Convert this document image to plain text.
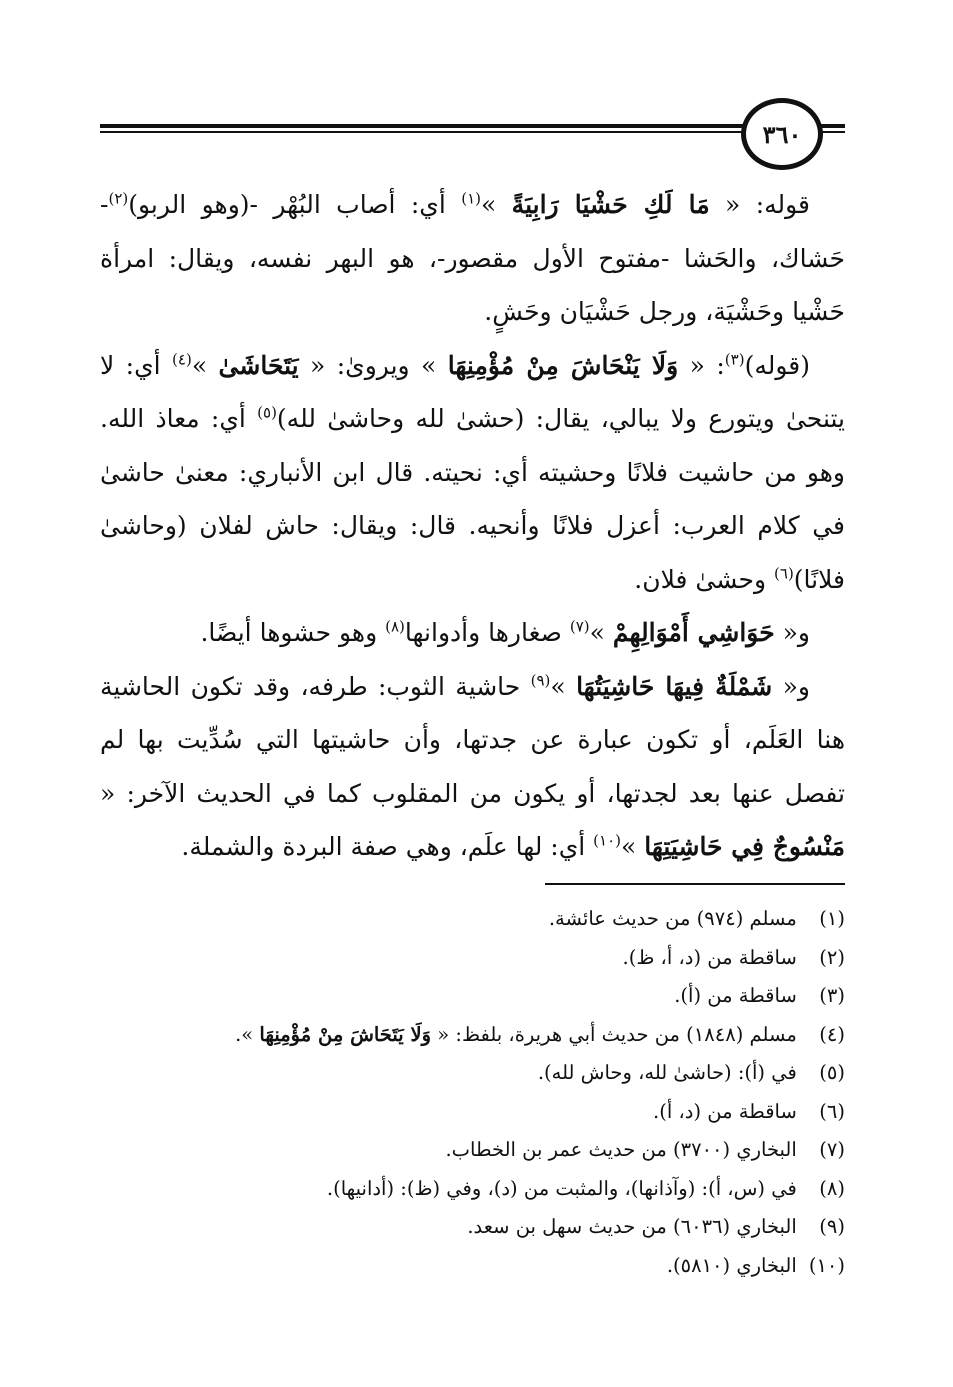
٣٦٠

قوله: « مَا لَكِ حَشْيَا رَابِيَةً »$^{(١)}$ أي: أصاب البُهْر -(وهو الربو)$^{(٢)}$- حَشاك، والحَشا -مفتوح الأول مقصور-، هو البهر نفسه، ويقال: امرأة حَشْيا وحَشْيَة، ورجل حَشْيَان وحَشٍ.

(قوله)$^{(٣)}$: « وَلَا يَنْحَاشَ مِنْ مُؤْمِنِهَا » ويروىٰ: « يَتَحَاشَىٰ »$^{(٤)}$ أي: لا يتنحىٰ ويتورع ولا يبالي، يقال: (حشىٰ لله وحاشىٰ لله)$^{(٥)}$ أي: معاذ الله. وهو من حاشيت فلانًا وحشيته أي: نحيته. قال ابن الأنباري: معنىٰ حاشىٰ في كلام العرب: أعزل فلانًا وأنحيه. قال: ويقال: حاش لفلان (وحاشىٰ فلانًا)$^{(٦)}$ وحشىٰ فلان.

و« حَوَاشِي أَمْوَالِهِمْ »$^{(٧)}$ صغارها وأدوانها$^{(٨)}$ وهو حشوها أيضًا.

و« شَمْلَةٌ فِيهَا حَاشِيَتُهَا »$^{(٩)}$ حاشية الثوب: طرفه، وقد تكون الحاشية هنا العَلَم، أو تكون عبارة عن جدتها، وأن حاشيتها التي سُدِّيت بها لم تفصل عنها بعد لجدتها، أو يكون من المقلوب كما في الحديث الآخر: « مَنْسُوجٌ فِي حَاشِيَتِهَا »$^{(١٠)}$ أي: لها علَم، وهي صفة البردة والشملة.

(١) مسلم (٩٧٤) من حديث عائشة.
(٢) ساقطة من (د، أ، ظ).
(٣) ساقطة من (أ).
(٤) مسلم (١٨٤٨) من حديث أبي هريرة، بلفظ: « وَلَا يَتَحَاشَ مِنْ مُؤْمِنِهَا ».
(٥) في (أ): (حاشىٰ لله، وحاش لله).
(٦) ساقطة من (د، أ).
(٧) البخاري (٣٧٠٠) من حديث عمر بن الخطاب.
(٨) في (س، أ): (وآذانها)، والمثبت من (د)، وفي (ظ): (أدانيها).
(٩) البخاري (٦٠٣٦) من حديث سهل بن سعد.
(١٠) البخاري (٥٨١٠).
